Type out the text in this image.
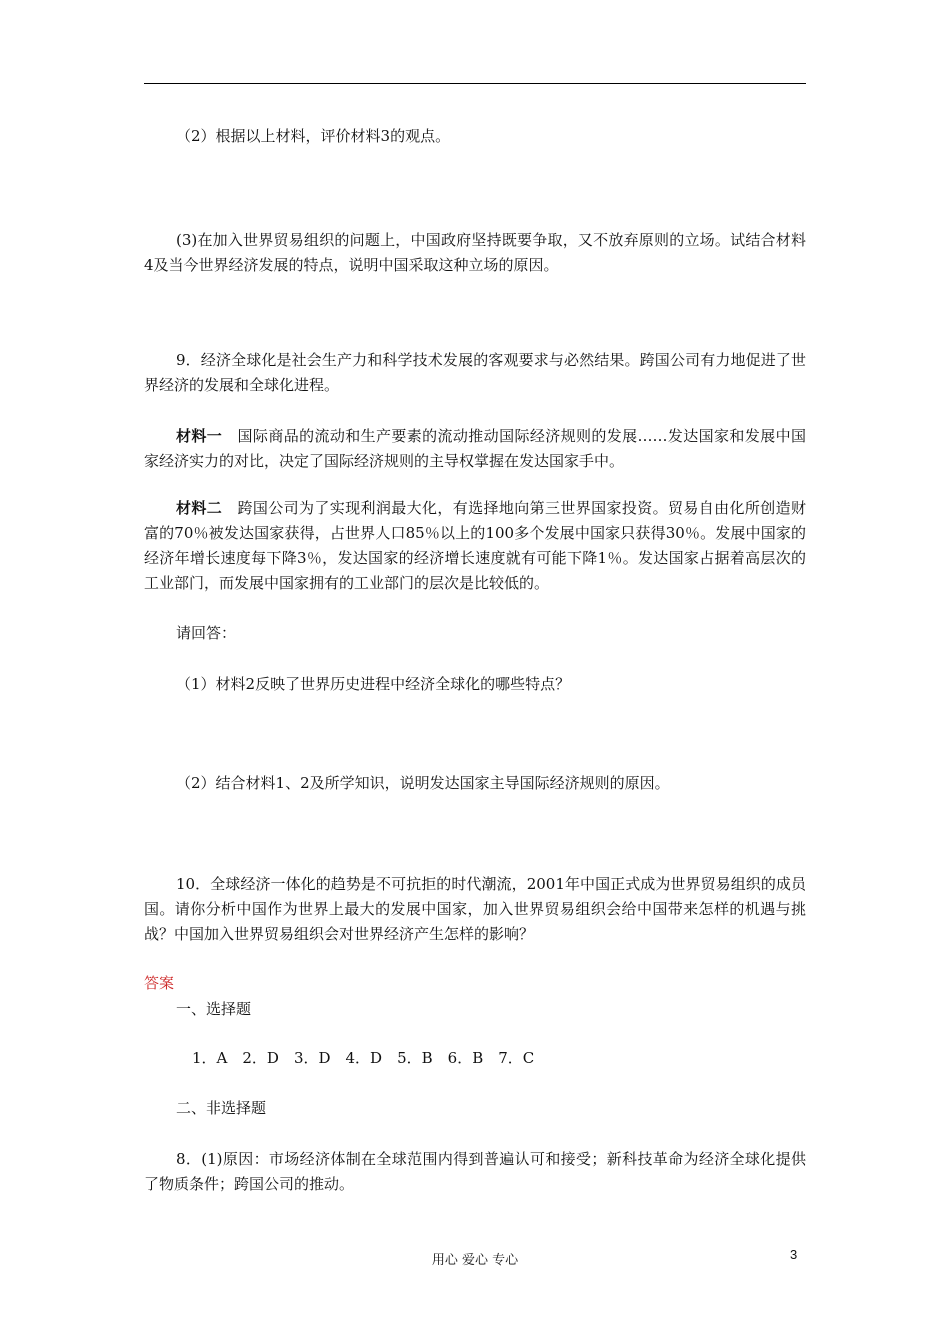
（2）根据以上材料，评价材料3的观点。

(3)在加入世界贸易组织的问题上，中国政府坚持既要争取，又不放弃原则的立场。试结合材料4及当今世界经济发展的特点，说明中国采取这种立场的原因。

9．经济全球化是社会生产力和科学技术发展的客观要求与必然结果。跨国公司有力地促进了世界经济的发展和全球化进程。

材料一　 国际商品的流动和生产要素的流动推动国际经济规则的发展……发达国家和发展中国家经济实力的对比，决定了国际经济规则的主导权掌握在发达国家手中。

材料二　 跨国公司为了实现利润最大化，有选择地向第三世界国家投资。贸易自由化所创造财富的70％被发达国家获得，占世界人口85％以上的100多个发展中国家只获得30％。发展中国家的经济年增长速度每下降3％，发达国家的经济增长速度就有可能下降1％。发达国家占据着高层次的工业部门，而发展中国家拥有的工业部门的层次是比较低的。

请回答：

（1）材料2反映了世界历史进程中经济全球化的哪些特点？

（2）结合材料1、2及所学知识，说明发达国家主导国际经济规则的原因。

10．全球经济一体化的趋势是不可抗拒的时代潮流，2001年中国正式成为世界贸易组织的成员国。请你分析中国作为世界上最大的发展中国家，加入世界贸易组织会给中国带来怎样的机遇与挑战？中国加入世界贸易组织会对世界经济产生怎样的影响？

答案

一、选择题

1．A　2．D　3．D　4．D　5．B　6．B　7．C

二、非选择题

8．(1)原因：市场经济体制在全球范围内得到普遍认可和接受；新科技革命为经济全球化提供了物质条件；跨国公司的推动。

用心 爱心 专心	3
